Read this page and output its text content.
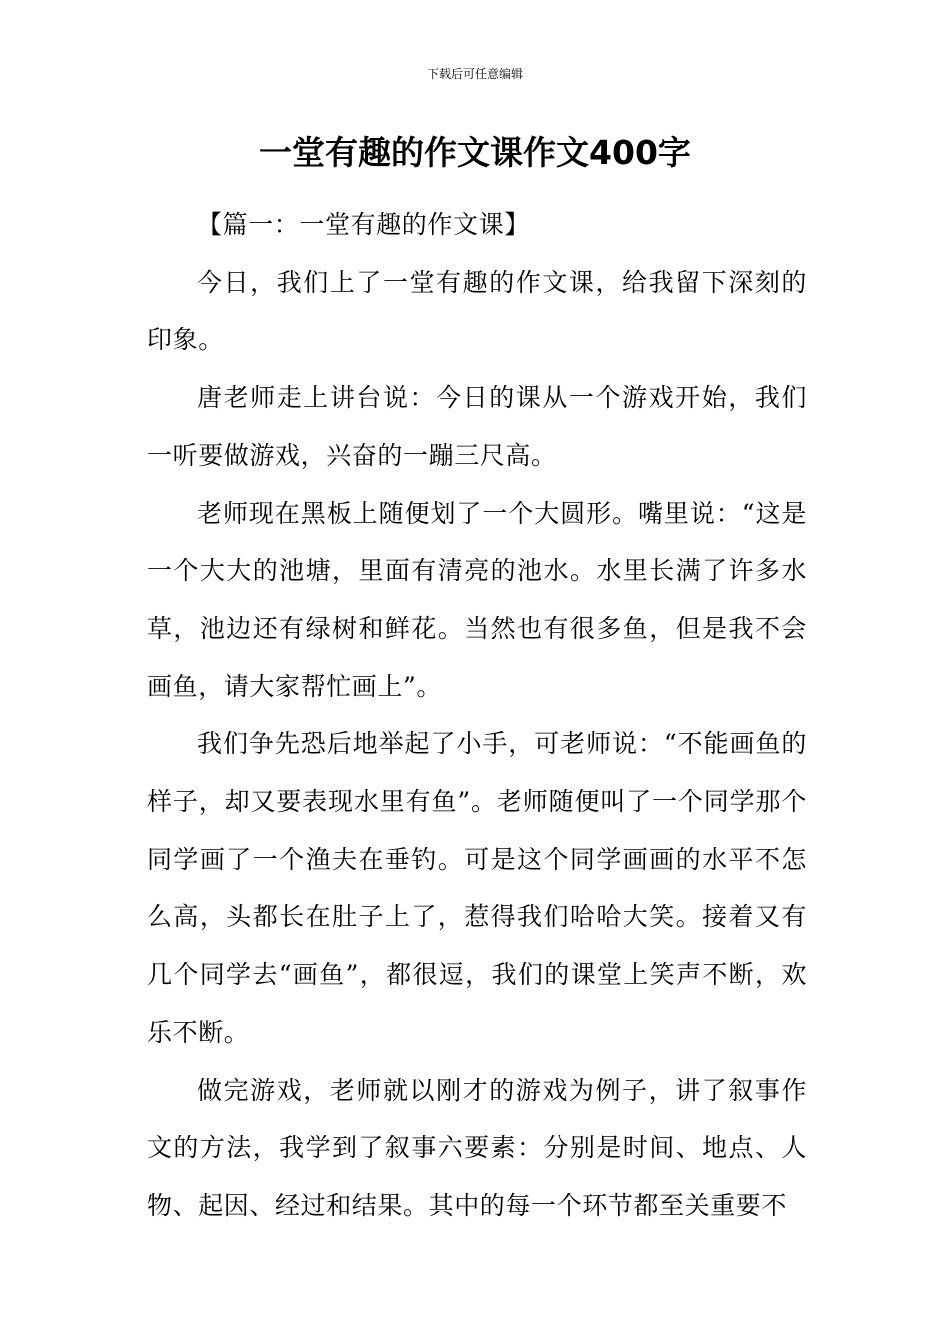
下载后可任意编辑
一堂有趣的作文课作文400字

【篇一：一堂有趣的作文课】

今日，我们上了一堂有趣的作文课，给我留下深刻的印象。

唐老师走上讲台说：今日的课从一个游戏开始，我们一听要做游戏，兴奋的一蹦三尺高。

老师现在黑板上随便划了一个大圆形。嘴里说：“这是一个大大的池塘，里面有清亮的池水。水里长满了许多水草，池边还有绿树和鲜花。当然也有很多鱼，但是我不会画鱼，请大家帮忙画上”。

我们争先恐后地举起了小手，可老师说：“不能画鱼的样子，却又要表现水里有鱼”。老师随便叫了一个同学那个同学画了一个渔夫在垂钓。可是这个同学画画的水平不怎么高，头都长在肚子上了，惹得我们哈哈大笑。接着又有几个同学去“画鱼”，都很逗，我们的课堂上笑声不断，欢乐不断。

做完游戏，老师就以刚才的游戏为例子，讲了叙事作文的方法，我学到了叙事六要素：分别是时间、地点、人物、起因、经过和结果。其中的每一个环节都至关重要不
